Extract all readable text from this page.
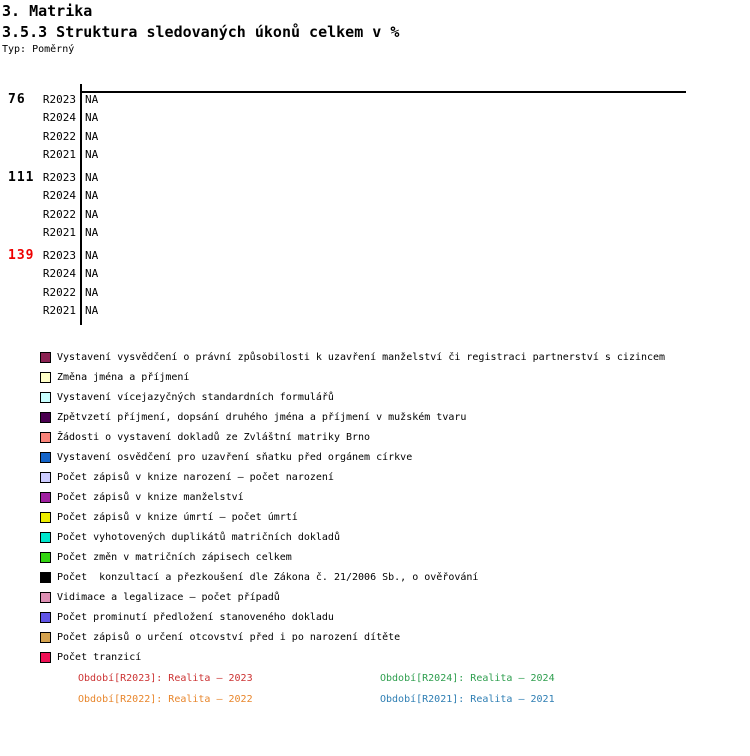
3. Matrika
3.5.3 Struktura sledovaných úkonů celkem v %
Typ: Poměrný
76	R2023 NA
R2024 NA
R2022 NA
R2021 NA
111 R2023 NA
R2024 NA
R2022 NA
R2021 NA
139 R2023 NA
R2024 NA
R2022 NA
R2021 NA
Vystavení vysvědčení o právní způsobilosti k uzavření manželství či registraci partnerství s cizincem
Změna jména a příjmení
Vystavení vícejazyčných standardních formulářů
Zpětvzetí příjmení, dopsání druhého jména a příjmení v mužském tvaru
Žádosti o vystavení dokladů ze Zvláštní matriky Brno
Vystavení osvědčení pro uzavření sňatku před orgánem církve
Počet zápisů v knize narození – počet narození
Počet zápisů v knize manželství
Počet zápisů v knize úmrtí – počet úmrtí
Počet vyhotovených duplikátů matričních dokladů
Počet změn v matričních zápisech celkem
Počet  konzultací a přezkoušení dle Zákona č. 21/2006 Sb., o ověřování
Vidimace a legalizace – počet případů
Počet prominutí předložení stanoveného dokladu
Počet zápisů o určení otcovství před i po narození dítěte
Počet tranzicí
Období[R2023]: Realita – 2023	Období[R2024]: Realita – 2024
Období[R2022]: Realita – 2022	Období[R2021]: Realita – 2021
